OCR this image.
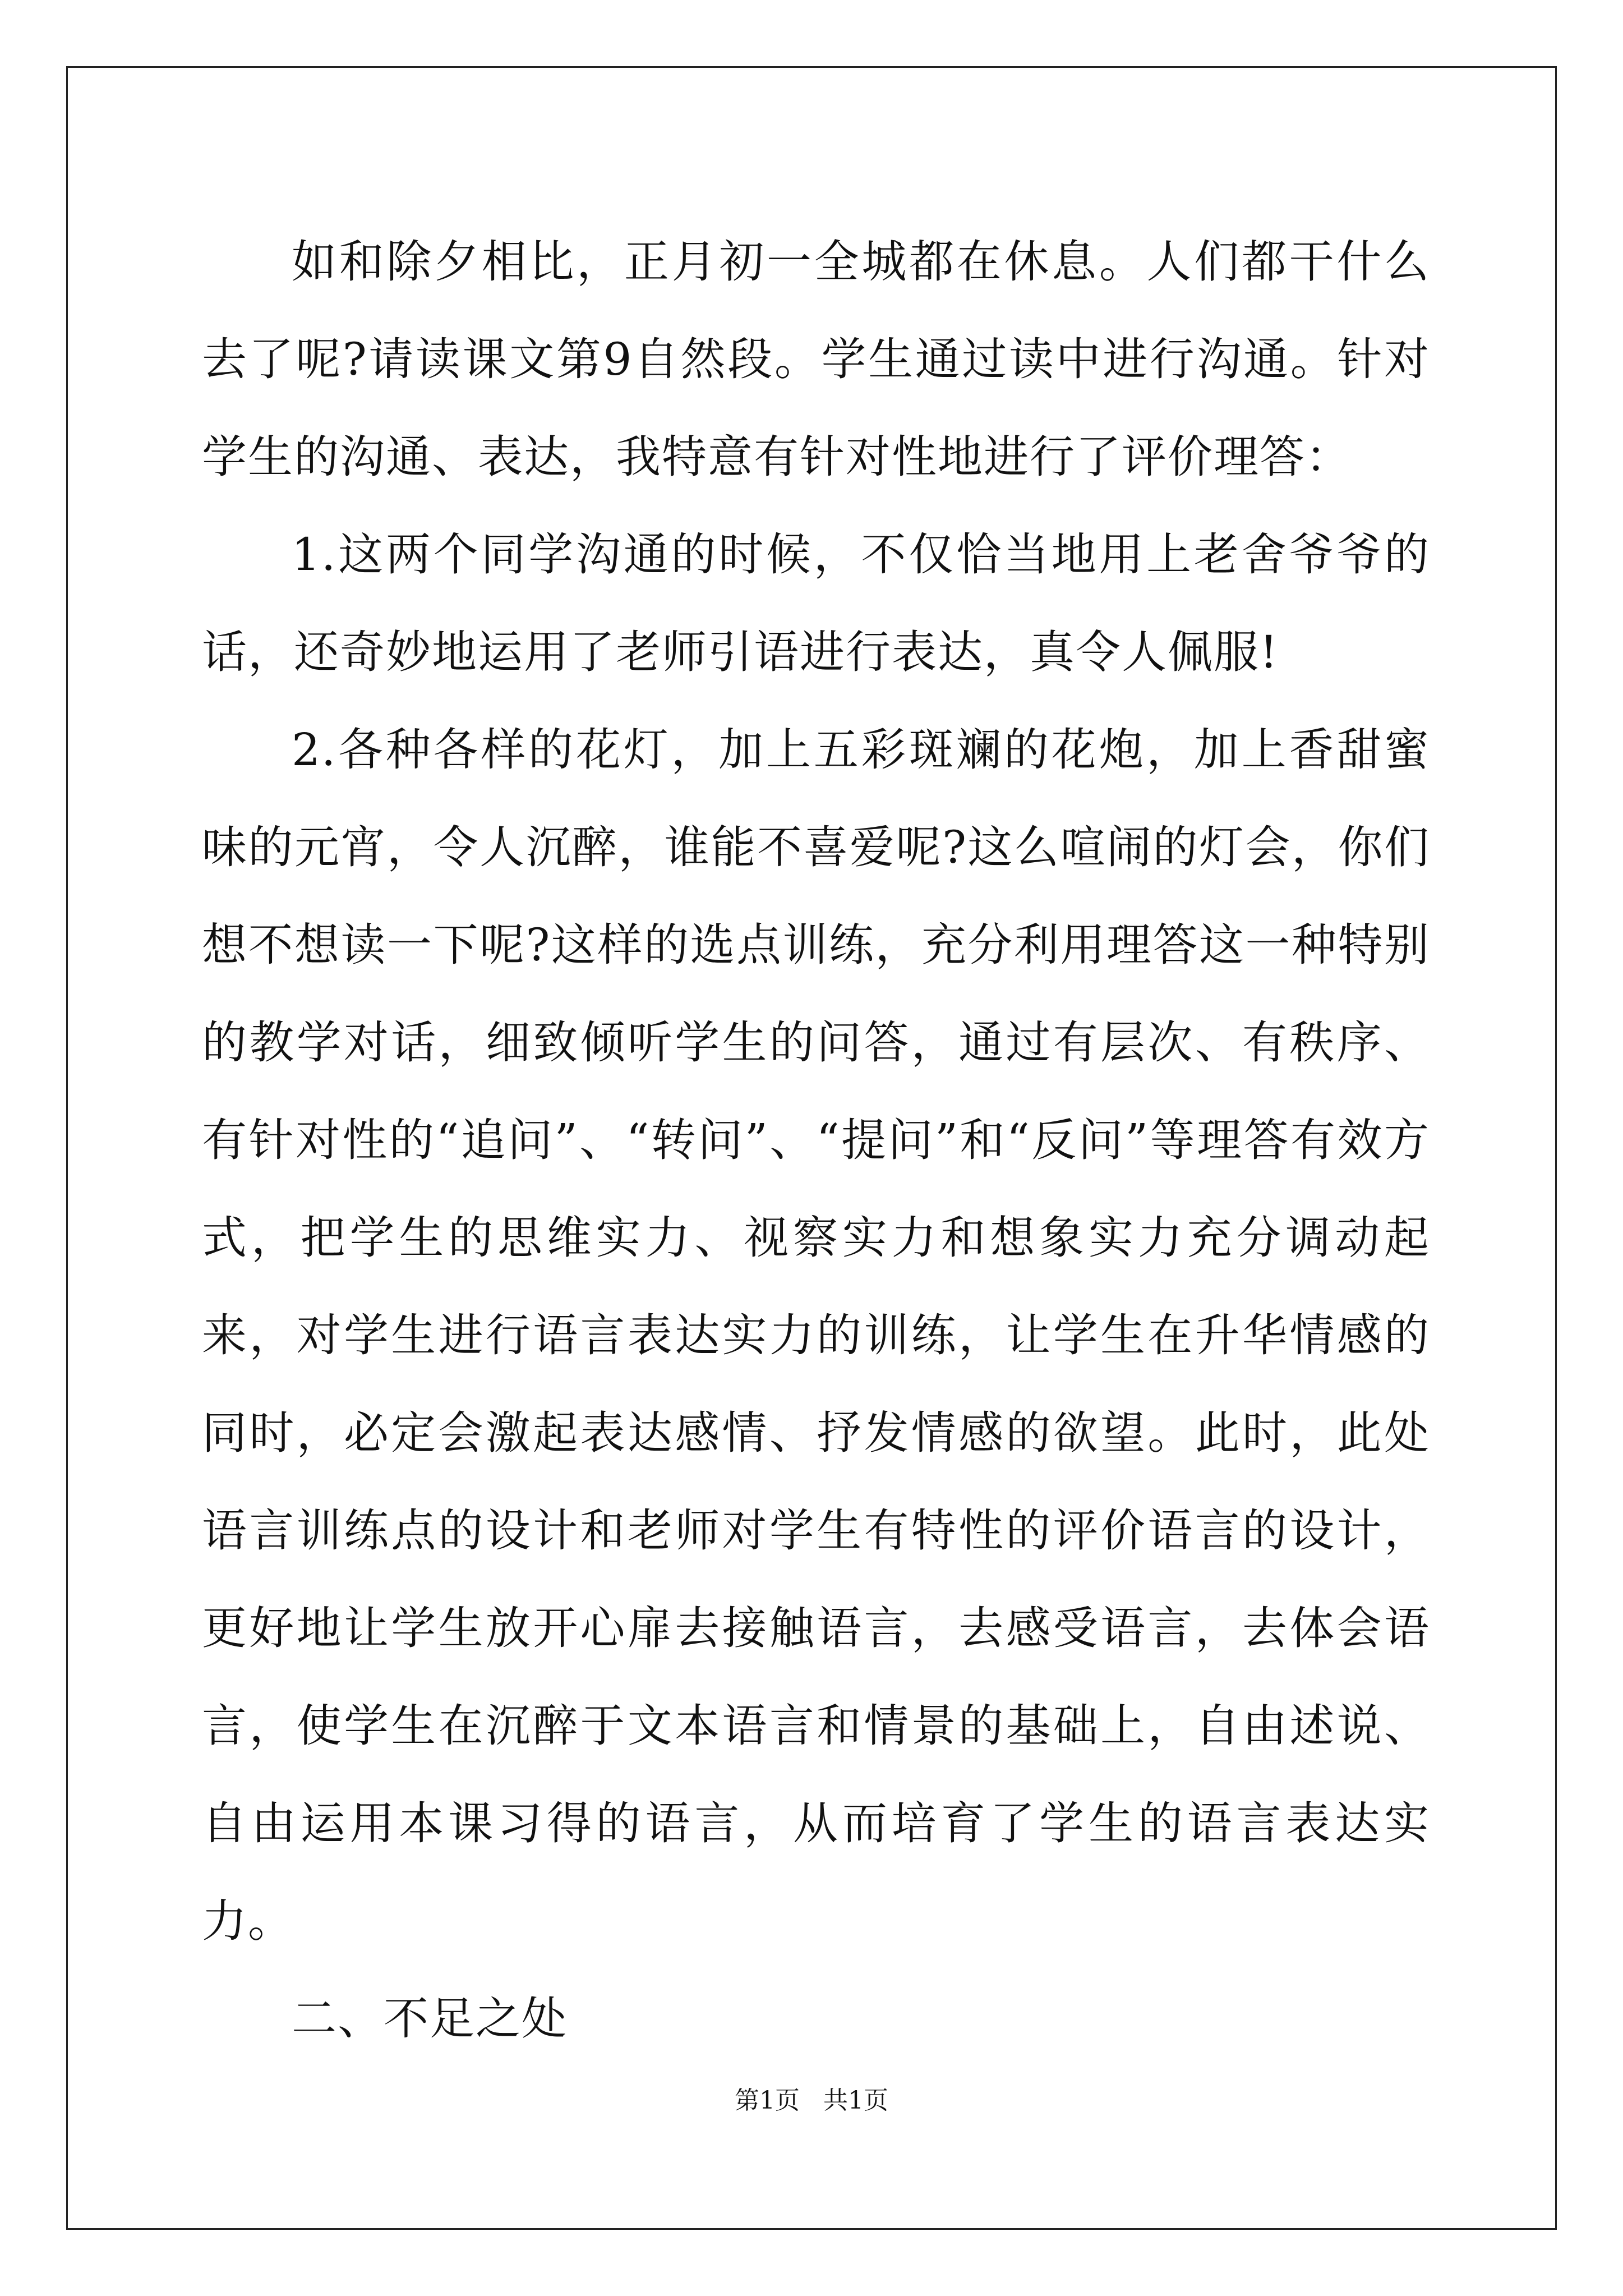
如和除夕相比，正月初一全城都在休息。人们都干什么去了呢?请读课文第9自然段。学生通过读中进行沟通。针对学生的沟通、表达，我特意有针对性地进行了评价理答：

1.这两个同学沟通的时候，不仅恰当地用上老舍爷爷的话，还奇妙地运用了老师引语进行表达，真令人佩服!

2.各种各样的花灯，加上五彩斑斓的花炮，加上香甜蜜味的元宵，令人沉醉，谁能不喜爱呢?这么喧闹的灯会，你们想不想读一下呢?这样的选点训练，充分利用理答这一种特别的教学对话，细致倾听学生的问答，通过有层次、有秩序、有针对性的“追问”、“转问”、“提问”和“反问”等理答有效方式，把学生的思维实力、视察实力和想象实力充分调动起来，对学生进行语言表达实力的训练，让学生在升华情感的同时，必定会激起表达感情、抒发情感的欲望。此时，此处语言训练点的设计和老师对学生有特性的评价语言的设计，更好地让学生放开心扉去接触语言，去感受语言，去体会语言，使学生在沉醉于文本语言和情景的基础上，自由述说、自由运用本课习得的语言，从而培育了学生的语言表达实力。

二、不足之处

第1页   共1页
